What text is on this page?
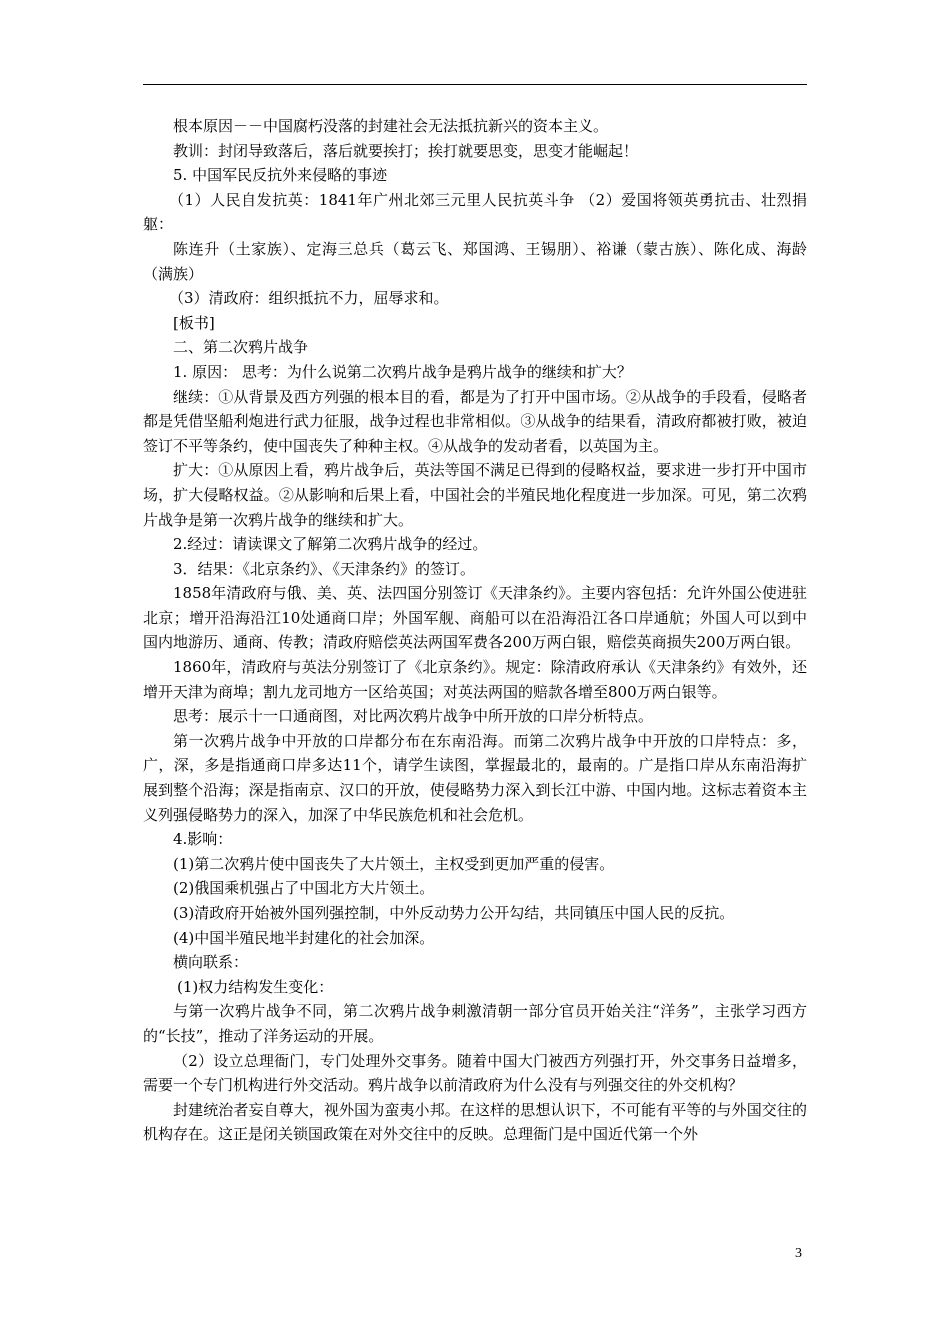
根本原因－－中国腐朽没落的封建社会无法抵抗新兴的资本主义。

教训：封闭导致落后，落后就要挨打；挨打就要思变，思变才能崛起！

5. 中国军民反抗外来侵略的事迹

（1）人民自发抗英：1841年广州北郊三元里人民抗英斗争 （2）爱国将领英勇抗击、壮烈捐躯：

陈连升（土家族）、定海三总兵（葛云飞、郑国鸿、王锡朋）、裕谦（蒙古族）、陈化成、海龄（满族）

（3）清政府：组织抵抗不力，屈辱求和。

[板书]

二、第二次鸦片战争

1. 原因： 思考：为什么说第二次鸦片战争是鸦片战争的继续和扩大？

继续：①从背景及西方列强的根本目的看，都是为了打开中国市场。②从战争的手段看，侵略者都是凭借坚船利炮进行武力征服，战争过程也非常相似。③从战争的结果看，清政府都被打败，被迫签订不平等条约，使中国丧失了种种主权。④从战争的发动者看，以英国为主。

扩大：①从原因上看，鸦片战争后，英法等国不满足已得到的侵略权益，要求进一步打开中国市场，扩大侵略权益。②从影响和后果上看，中国社会的半殖民地化程度进一步加深。可见，第二次鸦片战争是第一次鸦片战争的继续和扩大。

2.经过：请读课文了解第二次鸦片战争的经过。

3．结果：《北京条约》、《天津条约》的签订。

1858年清政府与俄、美、英、法四国分别签订《天津条约》。主要内容包括：允许外国公使进驻北京；增开沿海沿江10处通商口岸；外国军舰、商船可以在沿海沿江各口岸通航；外国人可以到中国内地游历、通商、传教；清政府赔偿英法两国军费各200万两白银，赔偿英商损失200万两白银。

1860年，清政府与英法分别签订了《北京条约》。规定：除清政府承认《天津条约》有效外，还增开天津为商埠；割九龙司地方一区给英国；对英法两国的赔款各增至800万两白银等。

思考：展示十一口通商图，对比两次鸦片战争中所开放的口岸分析特点。

第一次鸦片战争中开放的口岸都分布在东南沿海。而第二次鸦片战争中开放的口岸特点：多，广，深，多是指通商口岸多达11个，请学生读图，掌握最北的，最南的。广是指口岸从东南沿海扩展到整个沿海；深是指南京、汉口的开放，使侵略势力深入到长江中游、中国内地。这标志着资本主义列强侵略势力的深入，加深了中华民族危机和社会危机。

4.影响：

(1)第二次鸦片使中国丧失了大片领土，主权受到更加严重的侵害。

(2)俄国乘机强占了中国北方大片领土。

(3)清政府开始被外国列强控制，中外反动势力公开勾结，共同镇压中国人民的反抗。

(4)中国半殖民地半封建化的社会加深。

横向联系：

(1)权力结构发生变化：

与第一次鸦片战争不同，第二次鸦片战争刺激清朝一部分官员开始关注“洋务”，主张学习西方的“长技”，推动了洋务运动的开展。

（2）设立总理衙门，专门处理外交事务。随着中国大门被西方列强打开，外交事务日益增多，需要一个专门机构进行外交活动。鸦片战争以前清政府为什么没有与列强交往的外交机构？

封建统治者妄自尊大，视外国为蛮夷小邦。在这样的思想认识下，不可能有平等的与外国交往的机构存在。这正是闭关锁国政策在对外交往中的反映。总理衙门是中国近代第一个外

3
